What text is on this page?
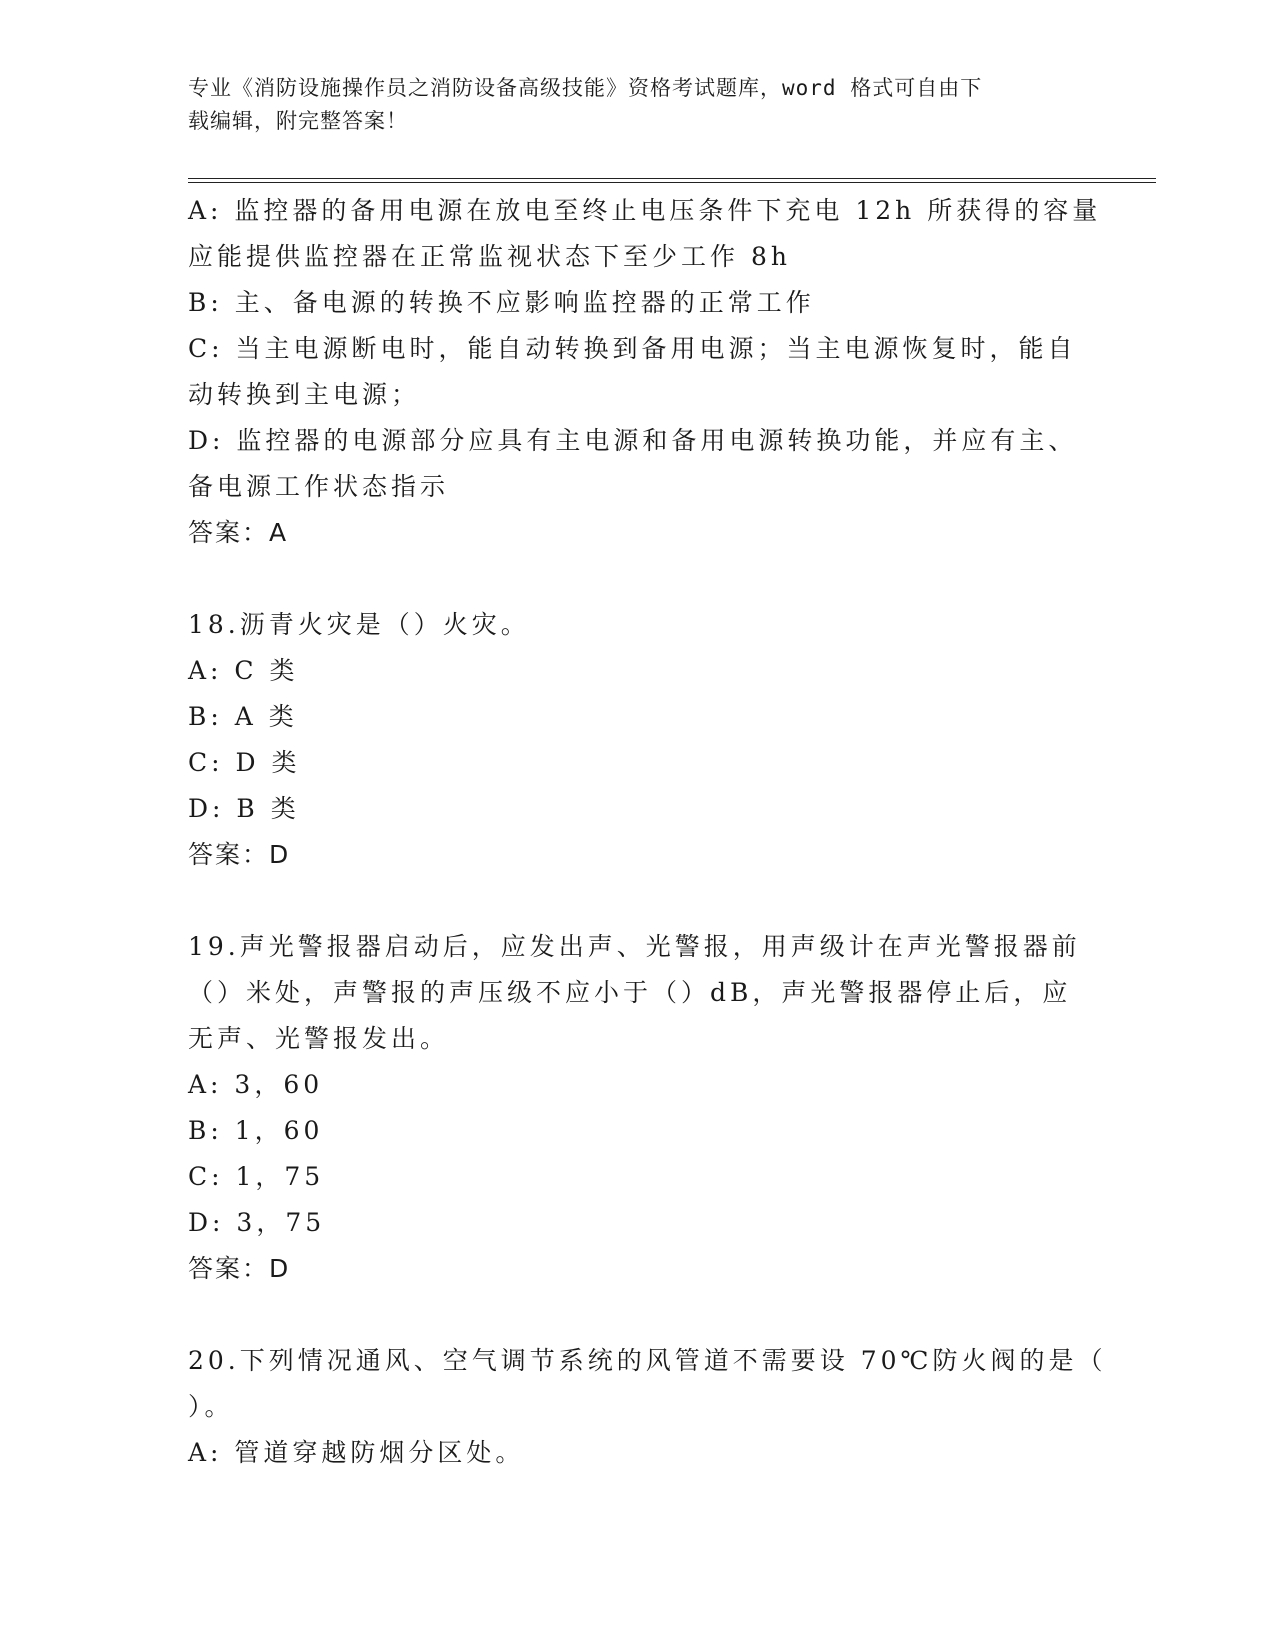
专业《消防设施操作员之消防设备高级技能》资格考试题库，word 格式可自由下
载编辑，附完整答案！
A: 监控器的备用电源在放电至终止电压条件下充电 12h 所获得的容量
应能提供监控器在正常监视状态下至少工作 8h
B: 主、备电源的转换不应影响监控器的正常工作
C: 当主电源断电时，能自动转换到备用电源；当主电源恢复时，能自
动转换到主电源；
D: 监控器的电源部分应具有主电源和备用电源转换功能，并应有主、
备电源工作状态指示
答案：A
18.沥青火灾是（）火灾。
A: C 类
B: A 类
C: D 类
D: B 类
答案：D
19.声光警报器启动后，应发出声、光警报，用声级计在声光警报器前
（）米处，声警报的声压级不应小于（）dB，声光警报器停止后，应
无声、光警报发出。
A: 3，60
B: 1，60
C: 1，75
D: 3，75
答案：D
20.下列情况通风、空气调节系统的风管道不需要设 70℃防火阀的是（
）。
A: 管道穿越防烟分区处。
